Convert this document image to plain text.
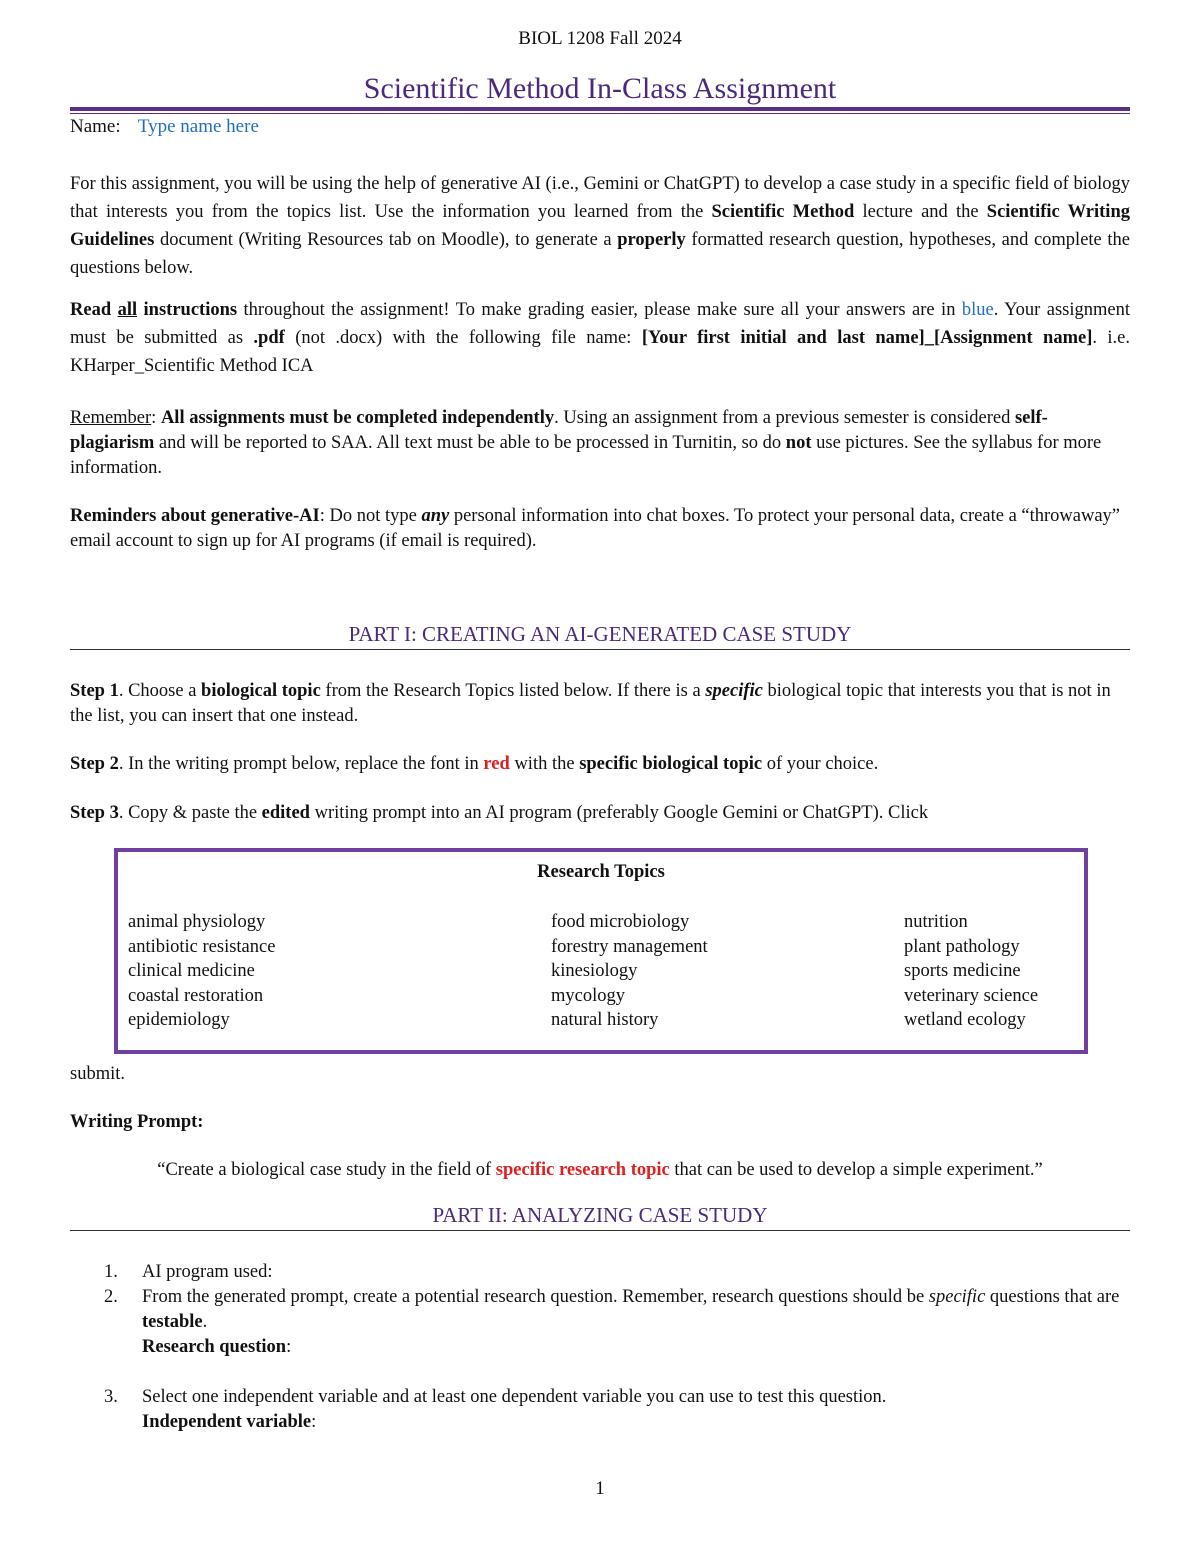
BIOL 1208 Fall 2024
Scientific Method In-Class Assignment
Name: Type name here
For this assignment, you will be using the help of generative AI (i.e., Gemini or ChatGPT) to develop a case study in a specific field of biology that interests you from the topics list. Use the information you learned from the Scientific Method lecture and the Scientific Writing Guidelines document (Writing Resources tab on Moodle), to generate a properly formatted research question, hypotheses, and complete the questions below.
Read all instructions throughout the assignment! To make grading easier, please make sure all your answers are in blue. Your assignment must be submitted as .pdf (not .docx) with the following file name: [Your first initial and last name]_[Assignment name]. i.e. KHarper_Scientific Method ICA
Remember: All assignments must be completed independently. Using an assignment from a previous semester is considered self-plagiarism and will be reported to SAA. All text must be able to be processed in Turnitin, so do not use pictures. See the syllabus for more information.
Reminders about generative-AI: Do not type any personal information into chat boxes. To protect your personal data, create a “throwaway” email account to sign up for AI programs (if email is required).
PART I: CREATING AN AI-GENERATED CASE STUDY
Step 1. Choose a biological topic from the Research Topics listed below. If there is a specific biological topic that interests you that is not in the list, you can insert that one instead.
Step 2. In the writing prompt below, replace the font in red with the specific biological topic of your choice.
Step 3. Copy & paste the edited writing prompt into an AI program (preferably Google Gemini or ChatGPT). Click
Research Topics
animal physiology
antibiotic resistance
clinical medicine
coastal restoration
epidemiology
food microbiology
forestry management
kinesiology
mycology
natural history
nutrition
plant pathology
sports medicine
veterinary science
wetland ecology
submit.
Writing Prompt:
“Create a biological case study in the field of specific research topic that can be used to develop a simple experiment.”
PART II: ANALYZING CASE STUDY
1. AI program used:
2. From the generated prompt, create a potential research question. Remember, research questions should be specific questions that are testable.
Research question:
3. Select one independent variable and at least one dependent variable you can use to test this question.
Independent variable:
1
